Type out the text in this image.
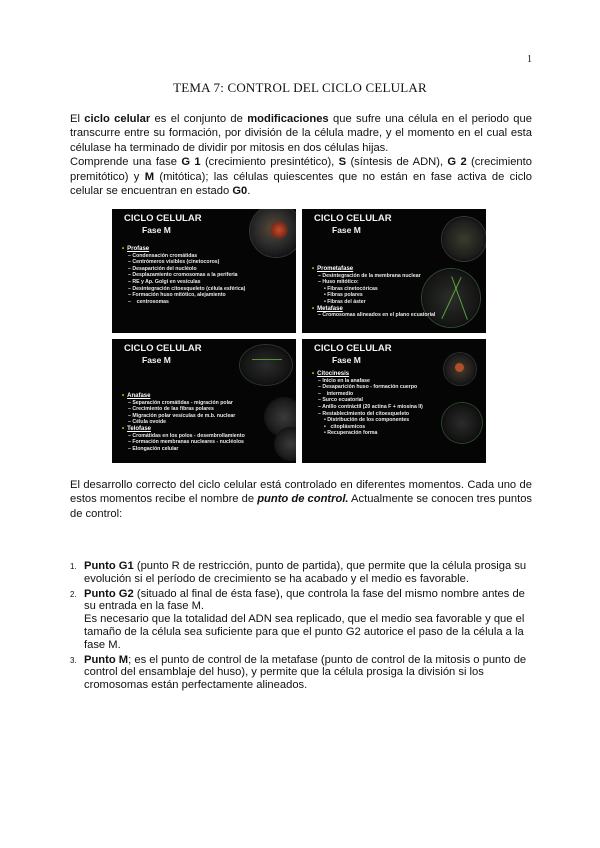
1
TEMA 7: CONTROL DEL CICLO CELULAR
El ciclo celular es el conjunto de modificaciones que sufre una célula en el periodo que transcurre entre su formación, por división de la célula madre, y el momento en el cual esta célulase ha terminado de dividir por mitosis en dos células hijas.
Comprende una fase G 1 (crecimiento presintético), S (síntesis de ADN), G 2 (crecimiento premitótico) y M (mitótica); las células quiescentes que no están en fase activa de ciclo celular se encuentran en estado G0.
CICLO CELULAR
Fase M
• Profase
– Condensación cromátidas
– Centrómeros visibles (cinetocoros)
– Desaparición del nucléolo
– Desplazamiento cromosomas a la periferia
– RE y Ap. Golgi en vesículas
– Desintegración citoesqueleto (célula esférica)
– Formación huso mitótico, alejamiento
– centrosomas
CICLO CELULAR
Fase M
• Prometafase
– Desintegración de la membrana nuclear
– Huso mitótico:
• Fibras cinetocóricas
• Fibras polares
• Fibras del áster
• Metafase
– Cromosomas alineados en el plano ecuatorial
CICLO CELULAR
Fase M
• Anafase
– Separación cromátidas - migración polar
– Crecimiento de las fibras polares
– Migración polar vesículas de m.b. nuclear
– Célula ovoide
• Telofase
– Cromátidas en los polos - desembrollamiento
– Formación membranas nucleares - nucléolos
– Elongación celular
CICLO CELULAR
Fase M
• Citocinesis
– Inicio en la anafase
– Desaparición huso - formación cuerpo
– intermedio
– Surco ecuatorial
– Anillo contráctil (20 actina F + miosina II)
– Restablecimiento del citoesqueleto
• Distribución de los componentes
• citoplásmicos
• Recuperación forma
El desarrollo correcto del ciclo celular está controlado en diferentes momentos. Cada uno de estos momentos recibe el nombre de punto de control. Actualmente se conocen tres puntos de control:
1. Punto G1 (punto R de restricción, punto de partida), que permite que la célula prosiga su evolución si el período de crecimiento se ha acabado y el medio es favorable.

2. Punto G2 (situado al final de ésta fase), que controla la fase del mismo nombre antes de su entrada en la fase M.

Es necesario que la totalidad del ADN sea replicado, que el medio sea favorable y que el tamaño de la célula sea suficiente para que el punto G2 autorice el paso de la célula a la fase M.

3. Punto M; es el punto de control de la metafase (punto de control de la mitosis o punto de control del ensamblaje del huso), y permite que la célula prosiga la división si los cromosomas están perfectamente alineados.
